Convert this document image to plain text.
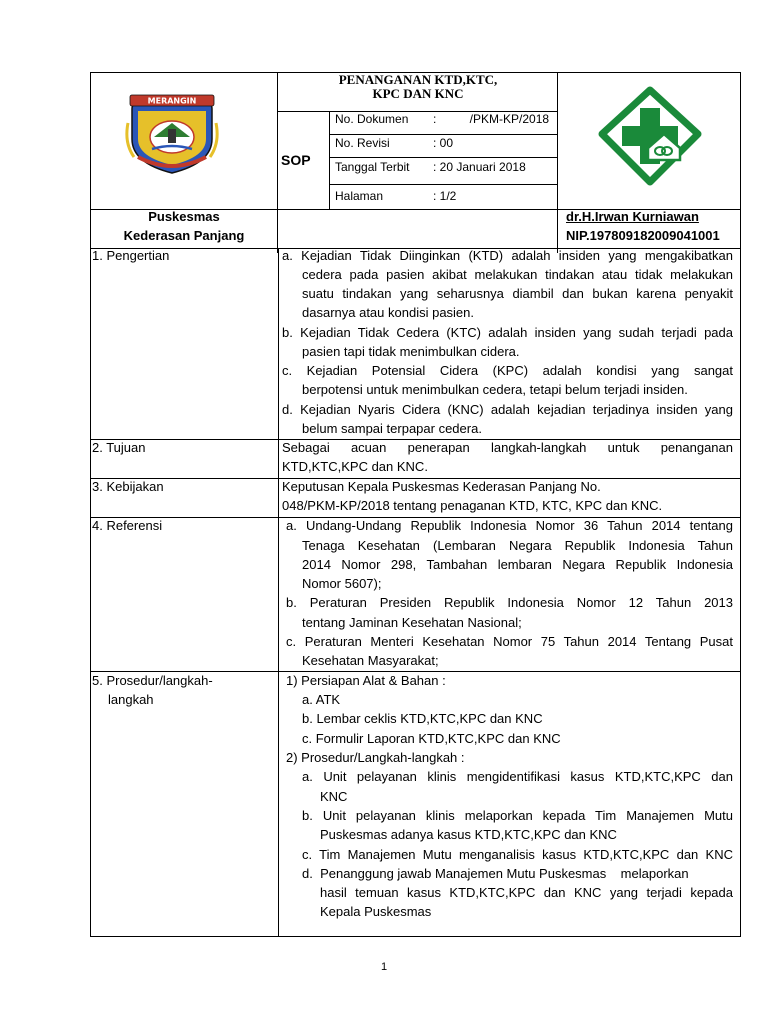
MERANGIN
PENANGANAN KTD,KTC,
KPC DAN KNC
SOP
No. Dokumen :          /PKM-KP/2018
No. Revisi	: 00
Tanggal Terbit : 20 Januari 2018
Halaman	: 1/2
Puskesmas
Kederasan Panjang
dr.H.Irwan Kurniawan
NIP.197809182009041001
1. Pengertian	a. Kejadian Tidak Diinginkan (KTD) adalah insiden yang mengakibatkan
cedera pada pasien akibat melakukan tindakan atau tidak melakukan
suatu tindakan yang seharusnya diambil dan bukan karena penyakit
dasarnya atau kondisi pasien.
b. Kejadian Tidak Cedera (KTC) adalah insiden yang sudah terjadi pada
pasien tapi tidak menimbulkan cidera.
c. Kejadian Potensial Cidera (KPC) adalah kondisi yang sangat
berpotensi untuk menimbulkan cedera, tetapi belum terjadi insiden.
d. Kejadian Nyaris Cidera (KNC) adalah kejadian terjadinya insiden yang
belum sampai terpapar cedera.
2. Tujuan	Sebagai acuan penerapan langkah-langkah untuk penanganan
KTD,KTC,KPC dan KNC.
3. Kebijakan	Keputusan Kepala Puskesmas Kederasan Panjang No.
048/PKM-KP/2018 tentang penaganan KTD, KTC, KPC dan KNC.
4. Referensi	a. Undang-Undang Republik Indonesia Nomor 36 Tahun 2014 tentang
Tenaga Kesehatan (Lembaran Negara Republik Indonesia Tahun
2014 Nomor 298, Tambahan lembaran Negara Republik Indonesia
Nomor 5607);
b. Peraturan Presiden Republik Indonesia Nomor 12 Tahun 2013
tentang Jaminan Kesehatan Nasional;
c. Peraturan Menteri Kesehatan Nomor 75 Tahun 2014 Tentang Pusat
Kesehatan Masyarakat;
5. Prosedur/langkah-
langkah
1) Persiapan Alat & Bahan :
a. ATK
b. Lembar ceklis KTD,KTC,KPC dan KNC
c. Formulir Laporan KTD,KTC,KPC dan KNC
2) Prosedur/Langkah-langkah :
a. Unit pelayanan klinis mengidentifikasi kasus KTD,KTC,KPC dan
KNC
b. Unit pelayanan klinis melaporkan kepada Tim Manajemen Mutu
Puskesmas adanya kasus KTD,KTC,KPC dan KNC
c. Tim Manajemen Mutu menganalisis kasus KTD,KTC,KPC dan KNC
d.  Penanggung jawab Manajemen Mutu Puskesmas    melaporkan
hasil temuan kasus KTD,KTC,KPC dan KNC yang terjadi kepada
Kepala Puskesmas
1
